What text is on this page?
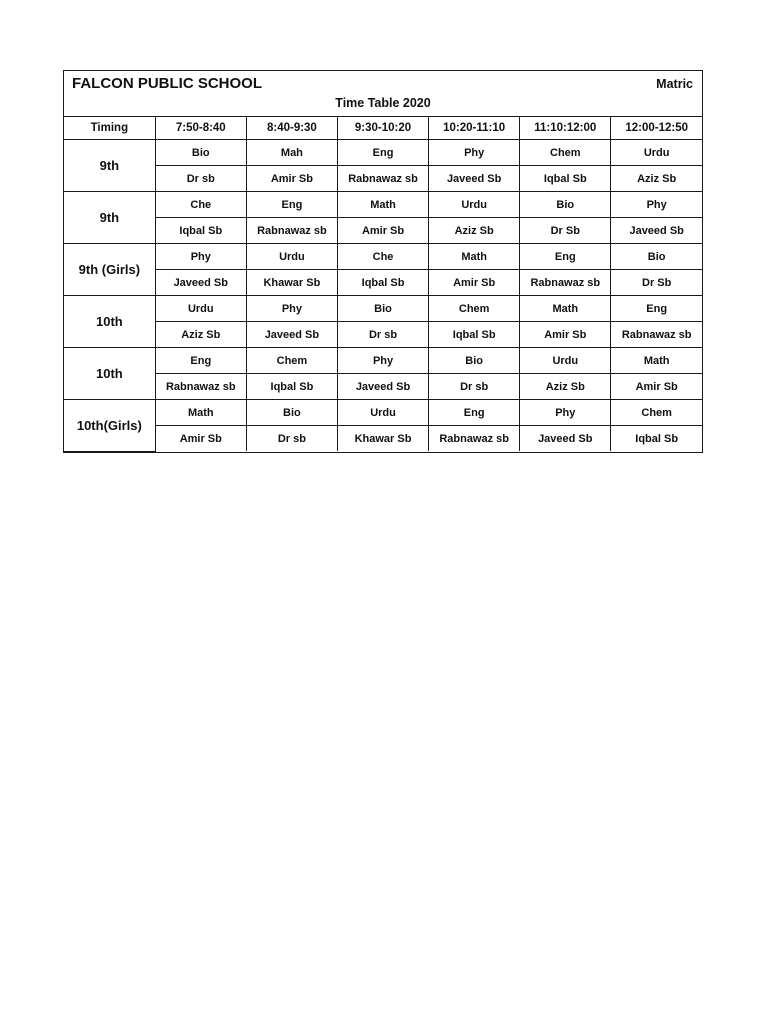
FALCON PUBLIC SCHOOL	Matric
Time Table 2020
Timing	7:50-8:40	8:40-9:30	9:30-10:20	10:20-11:10	11:10:12:00	12:00-12:50
9th	Bio	Mah	Eng	Phy	Chem	Urdu
	Dr sb	Amir Sb	Rabnawaz sb	Javeed Sb	Iqbal Sb	Aziz Sb
9th	Che	Eng	Math	Urdu	Bio	Phy
	Iqbal Sb	Rabnawaz sb	Amir Sb	Aziz Sb	Dr Sb	Javeed Sb
9th (Girls)	Phy	Urdu	Che	Math	Eng	Bio
	Javeed Sb	Khawar Sb	Iqbal Sb	Amir Sb	Rabnawaz sb	Dr Sb
10th	Urdu	Phy	Bio	Chem	Math	Eng
	Aziz Sb	Javeed Sb	Dr sb	Iqbal Sb	Amir Sb	Rabnawaz sb
10th	Eng	Chem	Phy	Bio	Urdu	Math
	Rabnawaz sb	Iqbal Sb	Javeed Sb	Dr sb	Aziz Sb	Amir Sb
10th(Girls)	Math	Bio	Urdu	Eng	Phy	Chem
	Amir Sb	Dr sb	Khawar Sb	Rabnawaz sb	Javeed Sb	Iqbal Sb
